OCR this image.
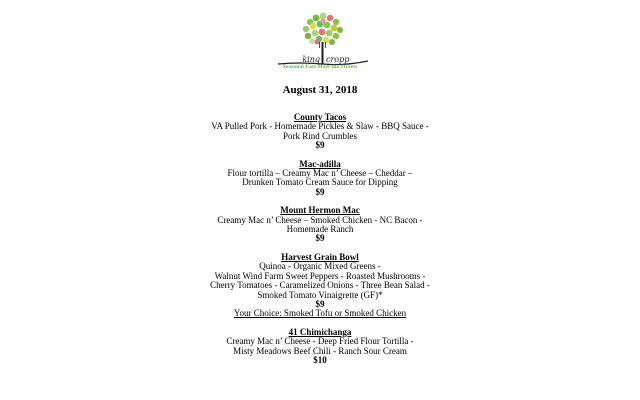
king cropp
Seasonal Eats Meet the Streets
August 31, 2018
County Tacos
VA Pulled Pork - Homemade Pickles & Slaw - BBQ Sauce -
Pork Rind Crumbles
$9
Mac-adilla
Flour tortilla – Creamy Mac n’ Cheese – Cheddar –
Drunken Tomato Cream Sauce for Dipping
$9
Mount Hermon Mac
Creamy Mac n’ Cheese – Smoked Chicken - NC Bacon -
Homemade Ranch
$9
Harvest Grain Bowl
Quinoa - Organic Mixed Greens -
Walnut Wind Farm Sweet Peppers - Roasted Mushrooms -
Cherry Tomatoes - Caramelized Onions - Three Bean Salad -
Smoked Tomato Vinaigrette (GF)*
$9
Your Choice: Smoked Tofu or Smoked Chicken
41 Chimichanga
Creamy Mac n’ Cheese - Deep Fried Flour Tortilla -
Misty Meadows Beef Chili - Ranch Sour Cream
$10
